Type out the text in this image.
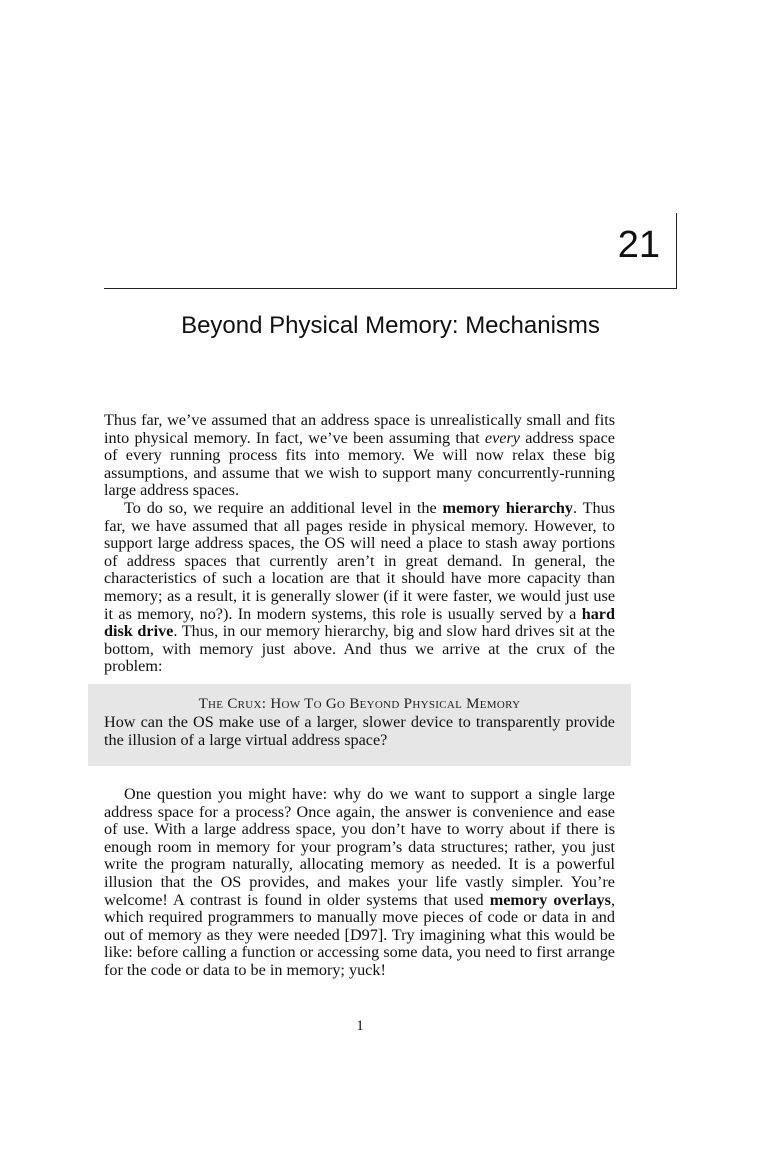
21
Beyond Physical Memory: Mechanisms

Thus far, we’ve assumed that an address space is unrealistically small and fits into physical memory. In fact, we’ve been assuming that every address space of every running process fits into memory. We will now relax these big assumptions, and assume that we wish to support many concurrently-running large address spaces.

To do so, we require an additional level in the memory hierarchy. Thus far, we have assumed that all pages reside in physical memory. However, to support large address spaces, the OS will need a place to stash away portions of address spaces that currently aren’t in great demand. In general, the characteristics of such a location are that it should have more capacity than memory; as a result, it is generally slower (if it were faster, we would just use it as memory, no?). In modern systems, this role is usually served by a hard disk drive. Thus, in our memory hierarchy, big and slow hard drives sit at the bottom, with memory just above. And thus we arrive at the crux of the problem:

The Crux: How To Go Beyond Physical Memory

How can the OS make use of a larger, slower device to transparently provide the illusion of a large virtual address space?

One question you might have: why do we want to support a single large address space for a process? Once again, the answer is convenience and ease of use. With a large address space, you don’t have to worry about if there is enough room in memory for your program’s data structures; rather, you just write the program naturally, allocating memory as needed. It is a powerful illusion that the OS provides, and makes your life vastly simpler. You’re welcome! A contrast is found in older systems that used memory overlays, which required programmers to manually move pieces of code or data in and out of memory as they were needed [D97]. Try imagining what this would be like: before calling a function or accessing some data, you need to first arrange for the code or data to be in memory; yuck!

1
